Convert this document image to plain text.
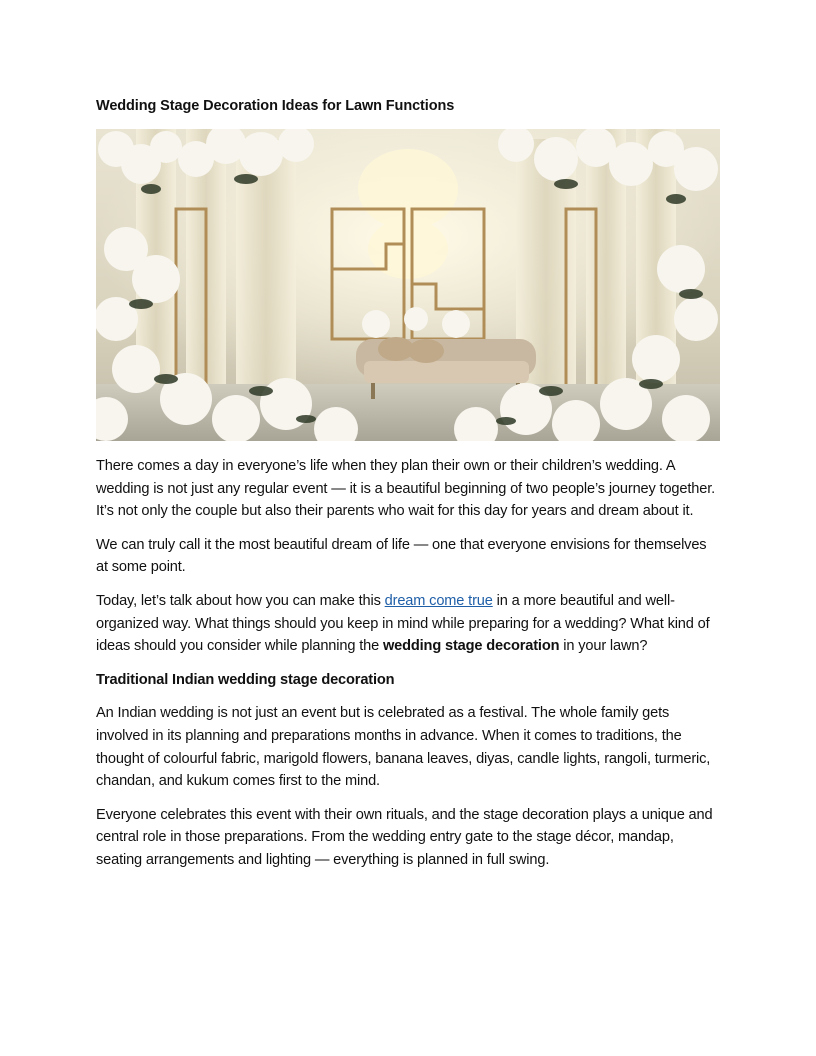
Wedding Stage Decoration Ideas for Lawn Functions

There comes a day in everyone’s life when they plan their own or their children’s wedding. A wedding is not just any regular event — it is a beautiful beginning of two people’s journey together. It’s not only the couple but also their parents who wait for this day for years and dream about it.

We can truly call it the most beautiful dream of life — one that everyone envisions for themselves at some point.

Today, let’s talk about how you can make this dream come true in a more beautiful and well-organized way. What things should you keep in mind while preparing for a wedding? What kind of ideas should you consider while planning the wedding stage decoration in your lawn?

Traditional Indian wedding stage decoration

An Indian wedding is not just an event but is celebrated as a festival. The whole family gets involved in its planning and preparations months in advance. When it comes to traditions, the thought of colourful fabric, marigold flowers, banana leaves, diyas, candle lights, rangoli, turmeric, chandan, and kukum comes first to the mind.

Everyone celebrates this event with their own rituals, and the stage decoration plays a unique and central role in those preparations. From the wedding entry gate to the stage décor, mandap, seating arrangements and lighting — everything is planned in full swing.
